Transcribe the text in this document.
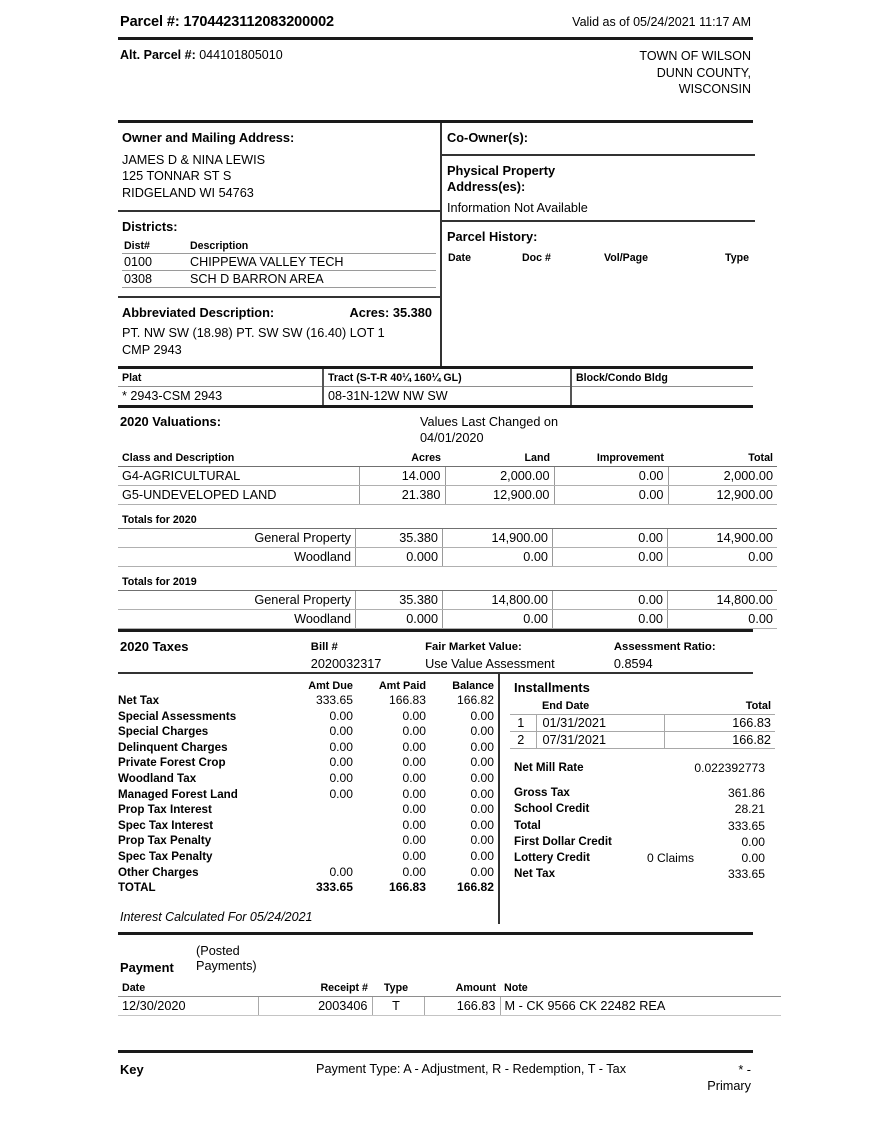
Parcel #: 1704423112083200002	Valid as of 05/24/2021 11:17 AM
Alt. Parcel #: 044101805010	TOWN OF WILSON
DUNN COUNTY,
WISCONSIN
Owner and Mailing Address:
JAMES D & NINA LEWIS
125 TONNAR ST S
RIDGELAND WI 54763
Districts:
Dist#	Description
0100	CHIPPEWA VALLEY TECH
0308	SCH D BARRON AREA
Abbreviated Description:	Acres: 35.380
PT. NW SW (18.98) PT. SW SW (16.40) LOT 1
CMP 2943
Co-Owner(s):
Physical Property Address(es):
Information Not Available
Parcel History:
Date	Doc #	Vol/Page	Type
Plat	Tract (S-T-R 40¼ 160¼ GL)	Block/Condo Bldg
* 2943-CSM 2943	08-31N-12W NW SW	
2020 Valuations:	Values Last Changed on
04/01/2020
Class and Description	Acres	Land	Improvement	Total
G4-AGRICULTURAL	14.000	2,000.00	0.00	2,000.00
G5-UNDEVELOPED LAND	21.380	12,900.00	0.00	12,900.00
Totals for 2020
General Property	35.380	14,900.00	0.00	14,900.00
Woodland	0.000	0.00	0.00	0.00
Totals for 2019
General Property	35.380	14,800.00	0.00	14,800.00
Woodland	0.000	0.00	0.00	0.00
2020 Taxes	Bill #
2020032317
Fair Market Value:
Use Value Assessment
Assessment Ratio:
0.8594
	Amt Due	Amt Paid	Balance
Net Tax	333.65	166.83	166.82
Special Assessments	0.00	0.00	0.00
Special Charges	0.00	0.00	0.00
Delinquent Charges	0.00	0.00	0.00
Private Forest Crop	0.00	0.00	0.00
Woodland Tax	0.00	0.00	0.00
Managed Forest Land	0.00	0.00	0.00
Prop Tax Interest		0.00	0.00
Spec Tax Interest		0.00	0.00
Prop Tax Penalty		0.00	0.00
Spec Tax Penalty		0.00	0.00
Other Charges	0.00	0.00	0.00
TOTAL	333.65	166.83	166.82
Interest Calculated For 05/24/2021
Installments
	End Date	Total
1	01/31/2021	166.83
2	07/31/2021	166.82
Net Mill Rate	0.022392773
Gross Tax		361.86
School Credit		28.21
Total		333.65
First Dollar Credit		0.00
Lottery Credit	0 Claims	0.00
Net Tax		333.65
Payment
(Posted
Payments)
Date	Receipt #	Type	Amount	Note
12/30/2020	2003406	T	166.83	M - CK 9566 CK 22482 REA
Key	Payment Type: A - Adjustment, R - Redemption, T - Tax	* -
Primary
